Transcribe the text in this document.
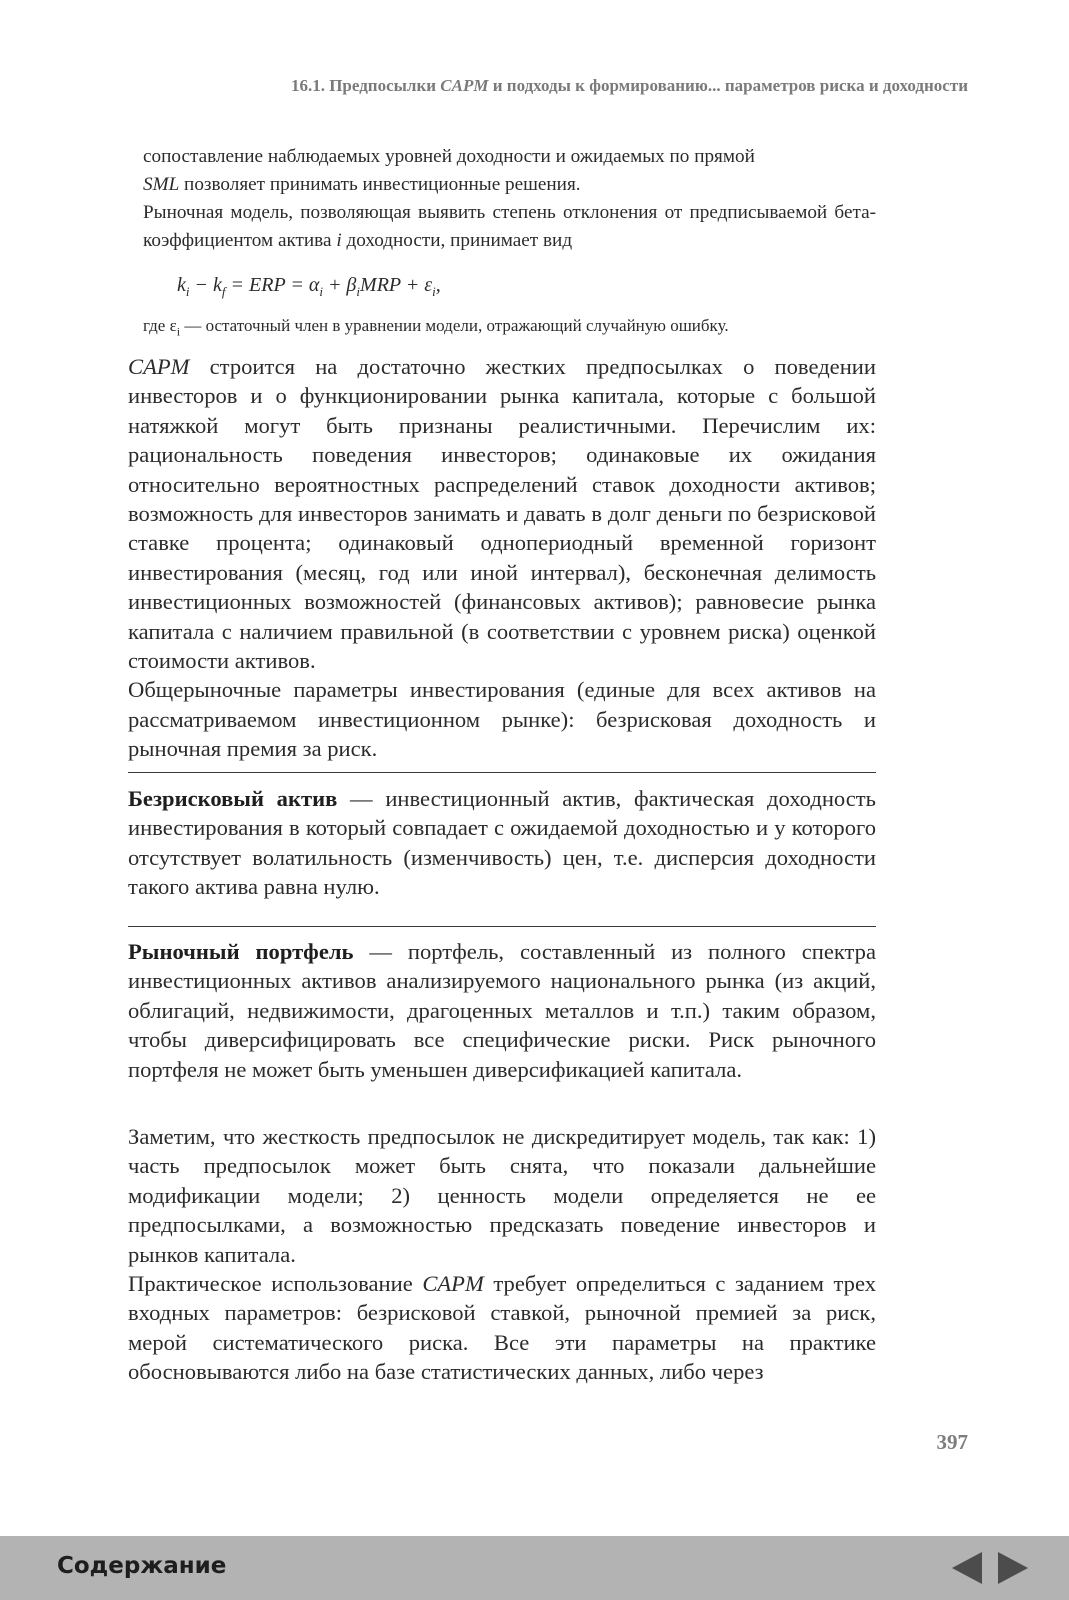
16.1. Предпосылки CAPM и подходы к формированию... параметров риска и доходности
сопоставление наблюдаемых уровней доходности и ожидаемых по прямой
SML позволяет принимать инвестиционные решения.
Рыночная модель, позволяющая выявить степень отклонения от предписываемой бета-коэффициентом актива i доходности, принимает вид
$k_i - k_f$ = ERP = $\alpha_i + \beta_iMRP + \varepsilon_i$,
где $\varepsilon_i$ — остаточный член в уравнении модели, отражающий случайную ошибку.

CAPM строится на достаточно жестких предпосылках о поведении инвесторов и о функционировании рынка капитала, которые с большой натяжкой могут быть признаны реалистичными. Перечислим их: рациональность поведения инвесторов; одинаковые их ожидания относительно вероятностных распределений ставок доходности активов; возможность для инвесторов занимать и давать в долг деньги по безрисковой ставке процента; одинаковый однопериодный временной горизонт инвестирования (месяц, год или иной интервал), бесконечная делимость инвестиционных возможностей (финансовых активов); равновесие рынка капитала с наличием правильной (в соответствии с уровнем риска) оценкой стоимости активов.

Общерыночные параметры инвестирования (единые для всех активов на рассматриваемом инвестиционном рынке): безрисковая доходность и рыночная премия за риск.

Безрисковый актив — инвестиционный актив, фактическая доходность инвестирования в который совпадает с ожидаемой доходностью и у которого отсутствует волатильность (изменчивость) цен, т.е. дисперсия доходности такого актива равна нулю.

Рыночный портфель — портфель, составленный из полного спектра инвестиционных активов анализируемого национального рынка (из акций, облигаций, недвижимости, драгоценных металлов и т.п.) таким образом, чтобы диверсифицировать все специфические риски. Риск рыночного портфеля не может быть уменьшен диверсификацией капитала.

Заметим, что жесткость предпосылок не дискредитирует модель, так как: 1) часть предпосылок может быть снята, что показали дальнейшие модификации модели; 2) ценность модели определяется не ее предпосылками, а возможностью предсказать поведение инвесторов и рынков капитала.

Практическое использование CAPM требует определиться с заданием трех входных параметров: безрисковой ставкой, рыночной премией за риск, мерой систематического риска. Все эти параметры на практике обосновываются либо на базе статистических данных, либо через

397
Содержание
